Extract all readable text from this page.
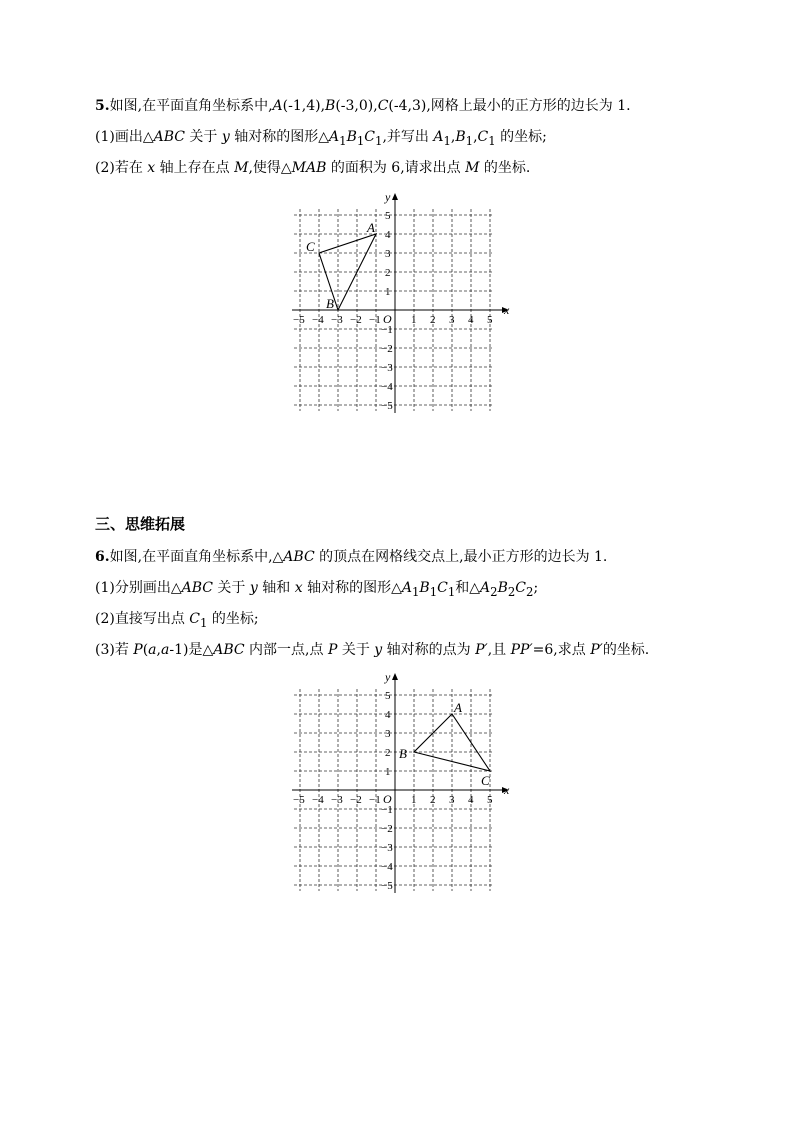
5.如图,在平面直角坐标系中,A(-1,4),B(-3,0),C(-4,3),网格上最小的正方形的边长为 1.
(1)画出△ABC 关于 y 轴对称的图形$\triangle A_1B_1C_1$,并写出 $A_1,B_1,C_1$ 的坐标;
(2)若在 x 轴上存在点 M,使得△MAB 的面积为 6,请求出点 M 的坐标.
x
y
O
−5 −4 −3 −2 −1	1 2 3 4 5
5
4
3
2
1
−1
−2
−3
−4
−5
A
B
C
三、思维拓展
6.如图,在平面直角坐标系中,△ABC 的顶点在网格线交点上,最小正方形的边长为 1.
(1)分别画出△ABC 关于 y 轴和 x 轴对称的图形$\triangle A_1B_1C_1$和$\triangle A_2B_2C_2$;
(2)直接写出点 $C_1$ 的坐标;
(3)若 P(a,a-1)是△ABC 内部一点,点 P 关于 y 轴对称的点为 P′,且 PP′=6,求点 P′的坐标.
x
y
O
−5 −4 −3 −2 −1	1 2 3 4 5
5
4
3
2
1
−1
−2
−3
−4
−5
A
B
C
